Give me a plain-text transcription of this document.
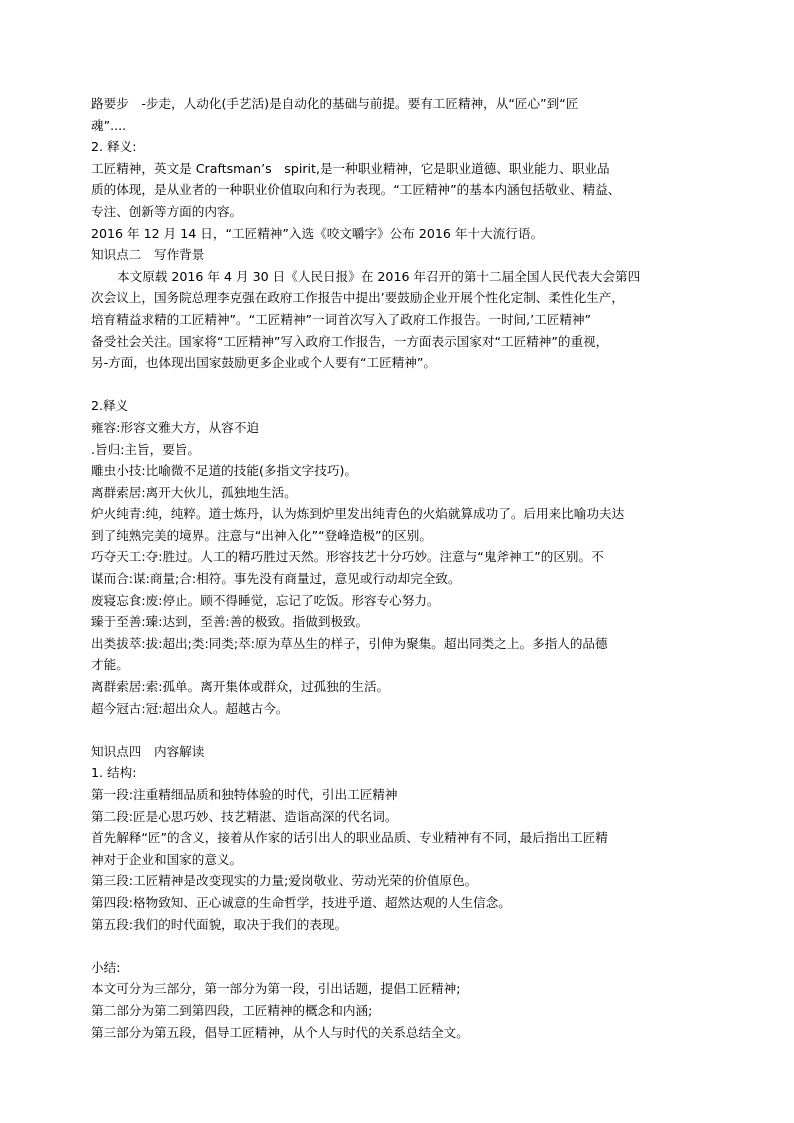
路要步　-步走，人动化(手艺活)是自动化的基础与前提。要有工匠精神，从“匠心”到“匠
魂”....
2. 释义:
工匠精神，英文是 Craftsman’s　spirit,是一种职业精神，它是职业道德、职业能力、职业品
质的体现，是从业者的一种职业价值取向和行为表现。“工匠精神”的基本内涵包括敬业、精益、
专注、创新等方面的内容。
2016 年 12 月 14 日，“工匠精神”入选《咬文嚼字》公布 2016 年十大流行语。
知识点二　写作背景
本文原载 2016 年 4 月 30 日《人民日报》在 2016 年召开的第十二届全国人民代表大会第四
次会议上，国务院总理李克强在政府工作报告中提出’要鼓励企业开展个性化定制、柔性化生产，
培育精益求精的工匠精神”。“工匠精神”一词首次写入了政府工作报告。一时间,’工匠精神”
备受社会关注。国家将“工匠精神”写入政府工作报告，一方面表示国家对“工匠精神”的重视，
另-方面，也体现出国家鼓励更多企业或个人要有“工匠精神”。
2.释义
雍容:形容文雅大方，从容不迫
.旨归:主旨，要旨。
雕虫小技:比喻微不足道的技能(多指文字技巧)。
离群索居:离开大伙儿，孤独地生活。
炉火纯青:纯，纯粹。道士炼丹，认为炼到炉里发出纯青色的火焰就算成功了。后用来比喻功夫达
到了纯熟完美的境界。注意与“出神入化”“登峰造极”的区别。
巧夺天工:夺:胜过。人工的精巧胜过天然。形容技艺十分巧妙。注意与“鬼斧神工”的区别。不
谋而合:谋:商量;合:相符。事先没有商量过，意见或行动却完全致。
废寝忘食:废:停止。顾不得睡觉，忘记了吃饭。形容专心努力。
臻于至善:臻:达到，至善:善的极致。指做到极致。
出类拔萃:拔:超出;类:同类;萃:原为草丛生的样子，引伸为聚集。超出同类之上。多指人的品德
才能。
离群索居:索:孤单。离开集体或群众，过孤独的生活。
超今冠古:冠:超出众人。超越古今。
知识点四　内容解读
1. 结构:
第一段:注重精细品质和独特体验的时代，引出工匠精神
第二段:匠是心思巧妙、技艺精湛、造诣高深的代名词。
首先解释“匠”的含义，接着从作家的话引出人的职业品质、专业精神有不同，最后指出工匠精
神对于企业和国家的意义。
第三段:工匠精神是改变现实的力量;爱岗敬业、劳动光荣的价值原色。
第四段:格物致知、正心诚意的生命哲学，技进乎道、超然达观的人生信念。
第五段:我们的时代面貌，取决于我们的表现。
小结:
本文可分为三部分，第一部分为第一段，引出话题，提倡工匠精神;
第二部分为第二到第四段，工匠精神的概念和内涵;
第三部分为第五段，倡导工匠精神，从个人与时代的关系总结全文。
